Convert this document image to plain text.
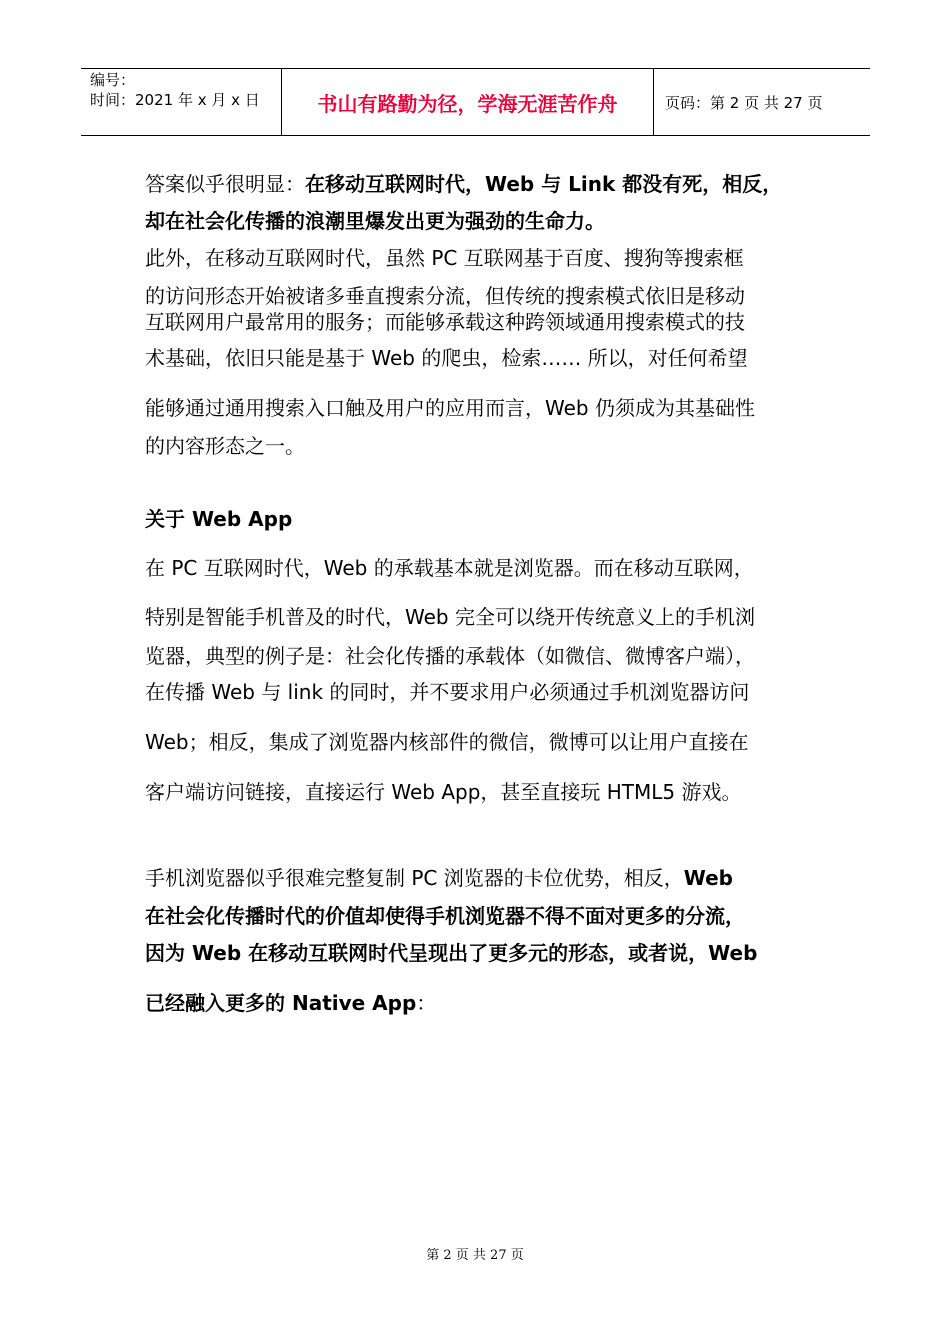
编号：
时间：2021 年 x 月 x 日	书山有路勤为径，学海无涯苦作舟	页码：第 2 页 共 27 页
答案似乎很明显：在移动互联网时代，Web 与 Link 都没有死，相反，
却在社会化传播的浪潮里爆发出更为强劲的生命力。
此外，在移动互联网时代，虽然 PC 互联网基于百度、搜狗等搜索框
的访问形态开始被诸多垂直搜索分流，但传统的搜索模式依旧是移动
互联网用户最常用的服务；而能够承载这种跨领域通用搜索模式的技
术基础，依旧只能是基于 Web 的爬虫，检索…… 所以，对任何希望
能够通过通用搜索入口触及用户的应用而言，Web 仍须成为其基础性
的内容形态之一。
关于 Web App
在 PC 互联网时代，Web 的承载基本就是浏览器。而在移动互联网，
特别是智能手机普及的时代，Web 完全可以绕开传统意义上的手机浏
览器，典型的例子是：社会化传播的承载体（如微信、微博客户端），
在传播 Web 与 link 的同时，并不要求用户必须通过手机浏览器访问
Web；相反，集成了浏览器内核部件的微信，微博可以让用户直接在
客户端访问链接，直接运行 Web App，甚至直接玩 HTML5 游戏。
手机浏览器似乎很难完整复制 PC 浏览器的卡位优势，相反，Web
在社会化传播时代的价值却使得手机浏览器不得不面对更多的分流，
因为 Web 在移动互联网时代呈现出了更多元的形态，或者说，Web
已经融入更多的 Native App：
第 2 页 共 27 页
